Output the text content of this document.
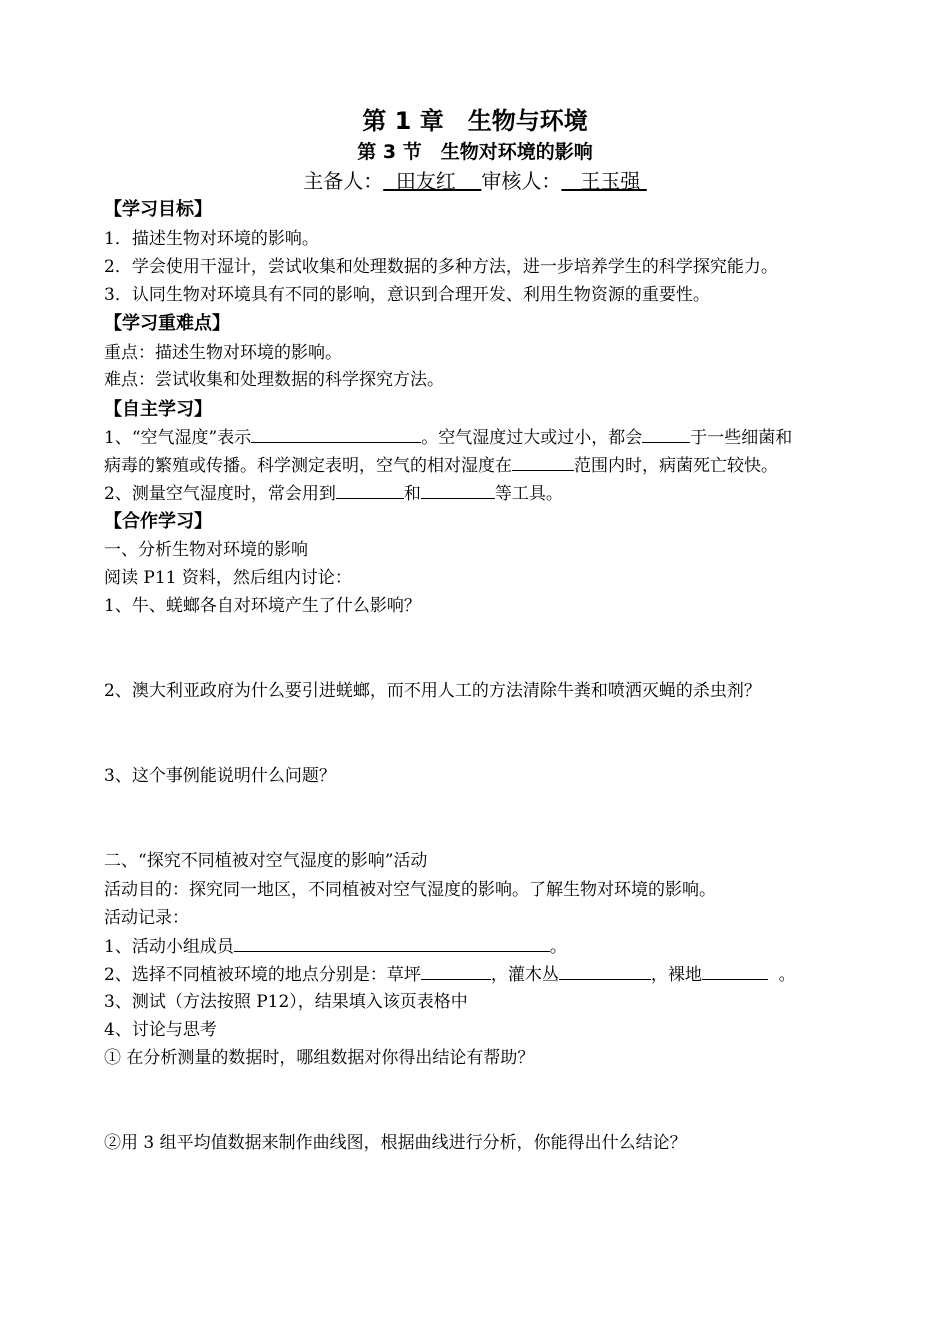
第 1 章　生物与环境
第 3 节　生物对环境的影响
主备人：  田友红    审核人：   王玉强
【学习目标】
1．描述生物对环境的影响。
2．学会使用干湿计，尝试收集和处理数据的多种方法，进一步培养学生的科学探究能力。
3．认同生物对环境具有不同的影响，意识到合理开发、利用生物资源的重要性。
【学习重难点】
重点：描述生物对环境的影响。
难点：尝试收集和处理数据的科学探究方法。
【自主学习】
1、“空气湿度”表示	。空气湿度过大或过小，都会	于一些细菌和
病毒的繁殖或传播。科学测定表明，空气的相对湿度在	范围内时，病菌死亡较快。
2、测量空气湿度时，常会用到	和	等工具。
【合作学习】
一、分析生物对环境的影响
阅读 P11 资料，然后组内讨论：
1、牛、蜣螂各自对环境产生了什么影响？
2、澳大利亚政府为什么要引进蜣螂，而不用人工的方法清除牛粪和喷洒灭蝇的杀虫剂？
3、这个事例能说明什么问题？
二、“探究不同植被对空气湿度的影响”活动
活动目的：探究同一地区，不同植被对空气湿度的影响。了解生物对环境的影响。
活动记录：
1、活动小组成员	。
2、选择不同植被环境的地点分别是：草坪	，灌木丛	，裸地	。
3、测试（方法按照 P12），结果填入该页表格中
4、讨论与思考
① 在分析测量的数据时，哪组数据对你得出结论有帮助？
②用 3 组平均值数据来制作曲线图，根据曲线进行分析，你能得出什么结论？
